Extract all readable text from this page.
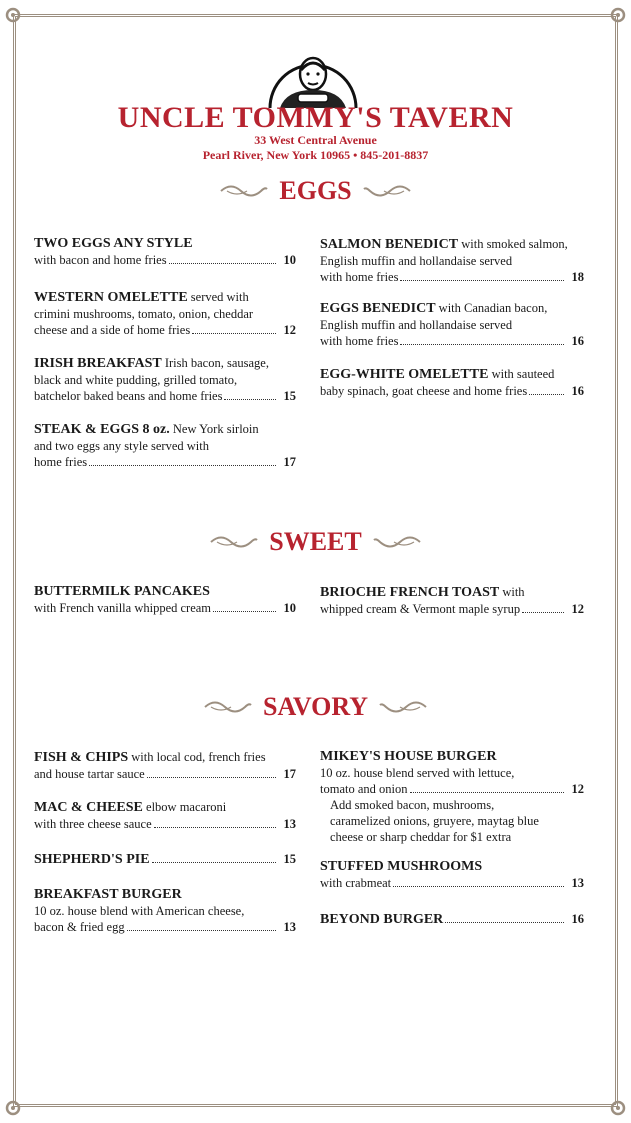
UNCLE TOMMY'S TAVERN
33 West Central Avenue
Pearl River, New York 10965 • 845-201-8837
EGGS
TWO EGGS ANY STYLE
with bacon and home fries	10
WESTERN OMELETTE served with
crimini mushrooms, tomato, onion, cheddar
cheese and a side of home fries	12
IRISH BREAKFAST Irish bacon, sausage,
black and white pudding, grilled tomato,
batchelor baked beans and home fries	15
STEAK & EGGS 8 oz. New York sirloin
and two eggs any style served with
home fries	17
SALMON BENEDICT with smoked salmon,
English muffin and hollandaise served
with home fries	18
EGGS BENEDICT with Canadian bacon,
English muffin and hollandaise served
with home fries	16
EGG-WHITE OMELETTE with sauteed
baby spinach, goat cheese and home fries	16
SWEET
BUTTERMILK PANCAKES
with French vanilla whipped cream	10
BRIOCHE FRENCH TOAST with
whipped cream & Vermont maple syrup	12
SAVORY
FISH & CHIPS with local cod, french fries
and house tartar sauce	17
MAC & CHEESE elbow macaroni
with three cheese sauce	13
SHEPHERD'S PIE	15
BREAKFAST BURGER
10 oz. house blend with American cheese,
bacon & fried egg	13
MIKEY'S HOUSE BURGER
10 oz. house blend served with lettuce,
tomato and onion	12
Add smoked bacon, mushrooms,
caramelized onions, gruyere, maytag blue
cheese or sharp cheddar for $1 extra
STUFFED MUSHROOMS
with crabmeat	13
BEYOND BURGER	16
